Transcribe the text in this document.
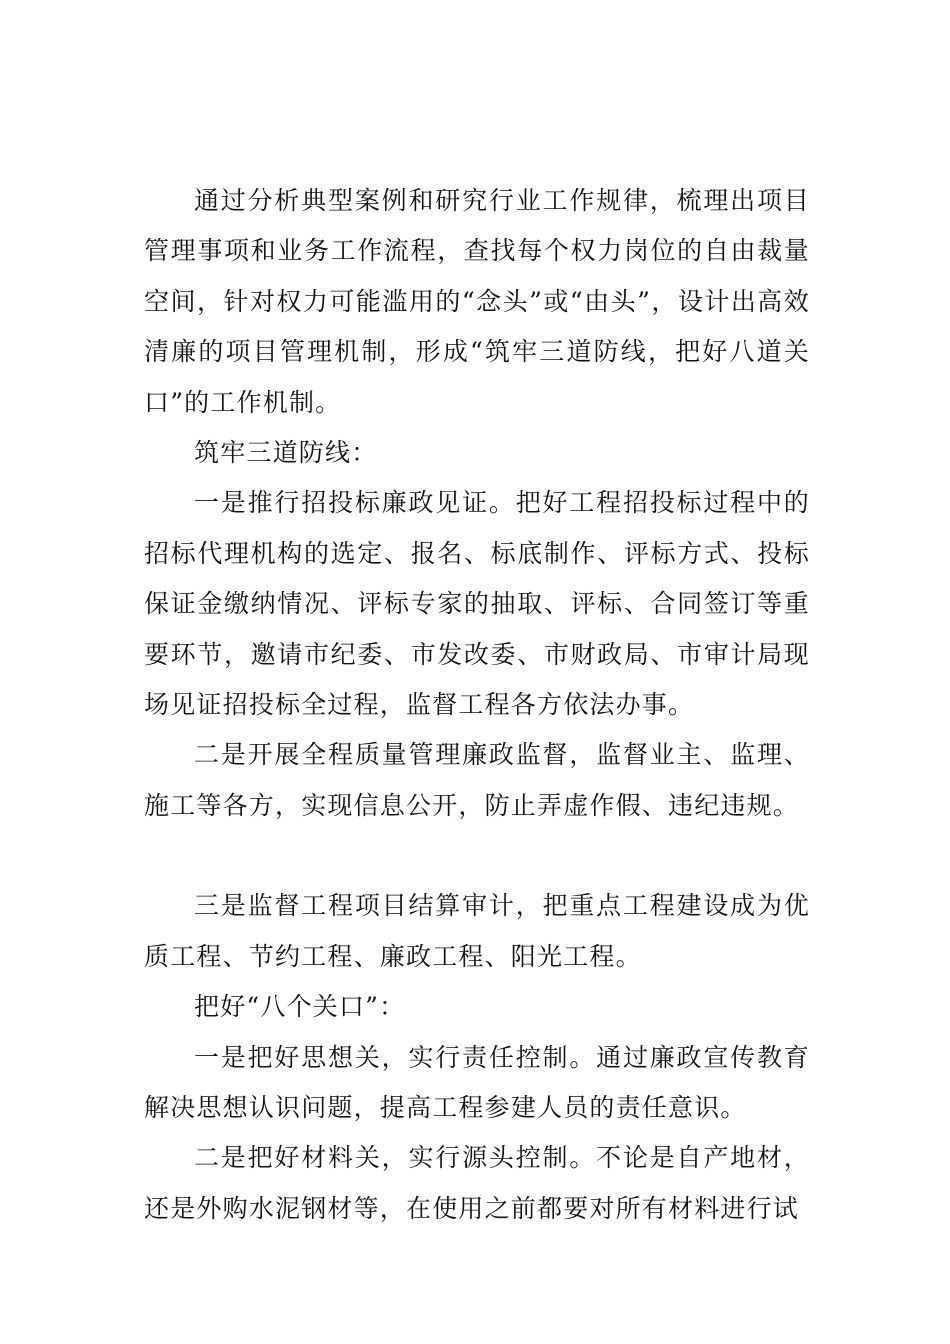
通过分析典型案例和研究行业工作规律，梳理出项目管理事项和业务工作流程，查找每个权力岗位的自由裁量空间，针对权力可能滥用的“念头”或“由头”，设计出高效清廉的项目管理机制，形成“筑牢三道防线，把好八道关口”的工作机制。

筑牢三道防线：

一是推行招投标廉政见证。把好工程招投标过程中的招标代理机构的选定、报名、标底制作、评标方式、投标保证金缴纳情况、评标专家的抽取、评标、合同签订等重要环节，邀请市纪委、市发改委、市财政局、市审计局现场见证招投标全过程，监督工程各方依法办事。

二是开展全程质量管理廉政监督，监督业主、监理、施工等各方，实现信息公开，防止弄虚作假、违纪违规。

三是监督工程项目结算审计，把重点工程建设成为优质工程、节约工程、廉政工程、阳光工程。

把好“八个关口”：

一是把好思想关，实行责任控制。通过廉政宣传教育解决思想认识问题，提高工程参建人员的责任意识。

二是把好材料关，实行源头控制。不论是自产地材，还是外购水泥钢材等，在使用之前都要对所有材料进行试
